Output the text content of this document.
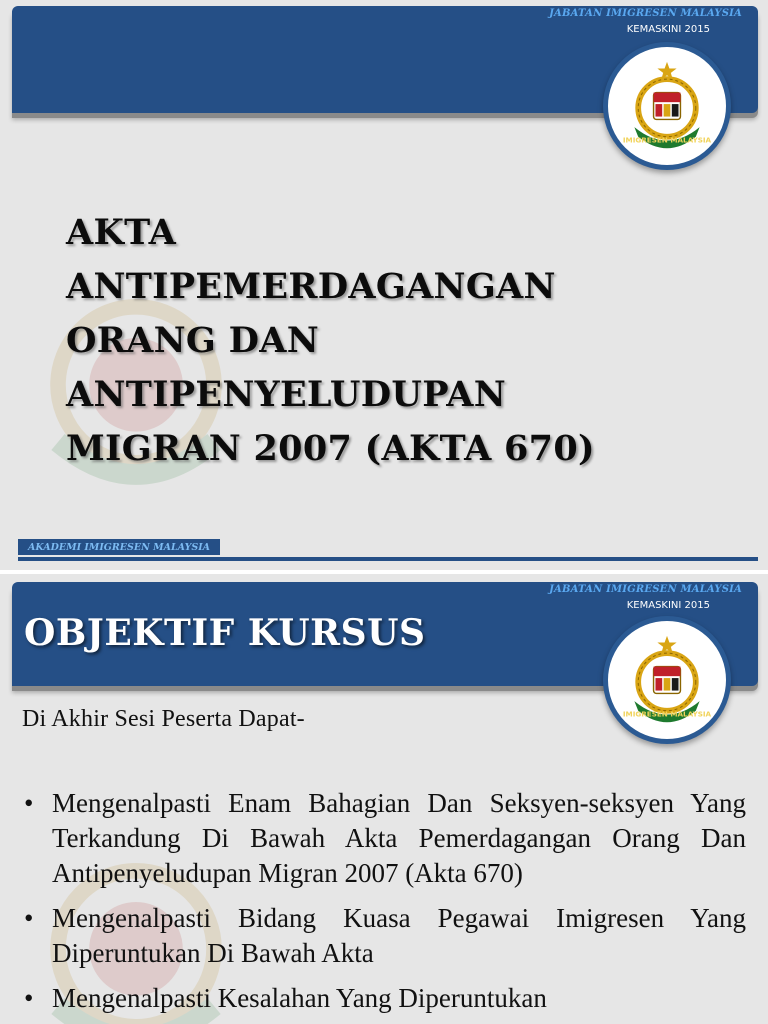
JABATAN IMIGRESEN MALAYSIA
KEMASKINI 2015
IMIGRESEN MALAYSIA
AKTA
ANTIPEMERDAGANGAN
ORANG DAN
ANTIPENYELUDUPAN
MIGRAN 2007 (AKTA 670)
AKADEMI IMIGRESEN MALAYSIA
JABATAN IMIGRESEN MALAYSIA
KEMASKINI 2015
OBJEKTIF KURSUS
IMIGRESEN MALAYSIA
Di Akhir Sesi Peserta Dapat-
• Mengenalpasti Enam Bahagian Dan Seksyen-seksyen Yang Terkandung Di Bawah Akta Pemerdagangan Orang Dan Antipenyeludupan Migran 2007 (Akta 670)
• Mengenalpasti Bidang Kuasa Pegawai Imigresen Yang Diperuntukan Di Bawah Akta
• Mengenalpasti Kesalahan Yang Diperuntukan
